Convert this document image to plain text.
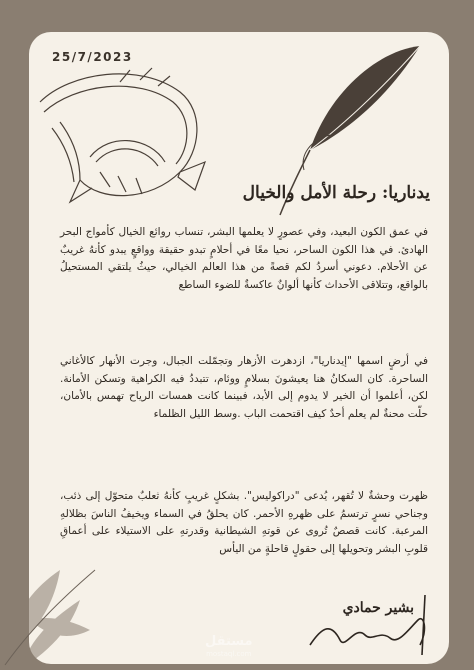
25/7/2023
يدناريا: رحلة الأمل والخيال
في عمق الكون البعيد، وفي عصورٍ لا يعلمها البشر، تنساب روائع الخيال كأمواج البحر الهادئ. في هذا الكون الساحر، نحيا معًا في أحلامٍ تبدو حقيقة وواقعٍ يبدو كأنهُ غريبٌ عن الأحلام. دعوني أسردُ لكم قصةً من هذا العالم الخيالي، حيثُ يلتقي المستحيلُ بالواقع، وتتلاقى الأحداث كأنها ألوانٌ عاكسةٌ للضوء الساطع
في أرضٍ اسمها "إيدناريا"، ازدهرت الأزهار وتجمّلت الجبال، وجرت الأنهار كالأغاني الساحرة. كان السكانُ هنا يعيشونَ بسلامٍ ووئام، تتبددُ فيه الكراهية وتسكن الأمانة. لكن، أعلموا أن الخير لا يدوم إلى الأبد، فبينما كانت همسات الرياح تهمس بالأمان، حلّت محنةٌ لم يعلم أحدٌ كيف اقتحمت الباب .وسط الليل الظلماء
ظهرت وحشةٌ لا تُقهر، يُدعى "دراكوليس". بشكلٍ غريبٍ كأنهُ ثعلبٌ متحوّل إلى ذئب، وجناحي نسرٍ ترتسمُ على ظهرهِ الأحمر. كان يحلقُ في السماء ويخيفُ الناسَ بظلالهِ المرعبة. كانت قصصٌ تُروى عن قوتهِ الشيطانية وقدرتهِ على الاستيلاء على أعماقِ قلوبِ البشر وتحويلها إلى حقولٍ قاحلةٍ من اليأس
بشير حمادي
مستقل
mostaql.com
